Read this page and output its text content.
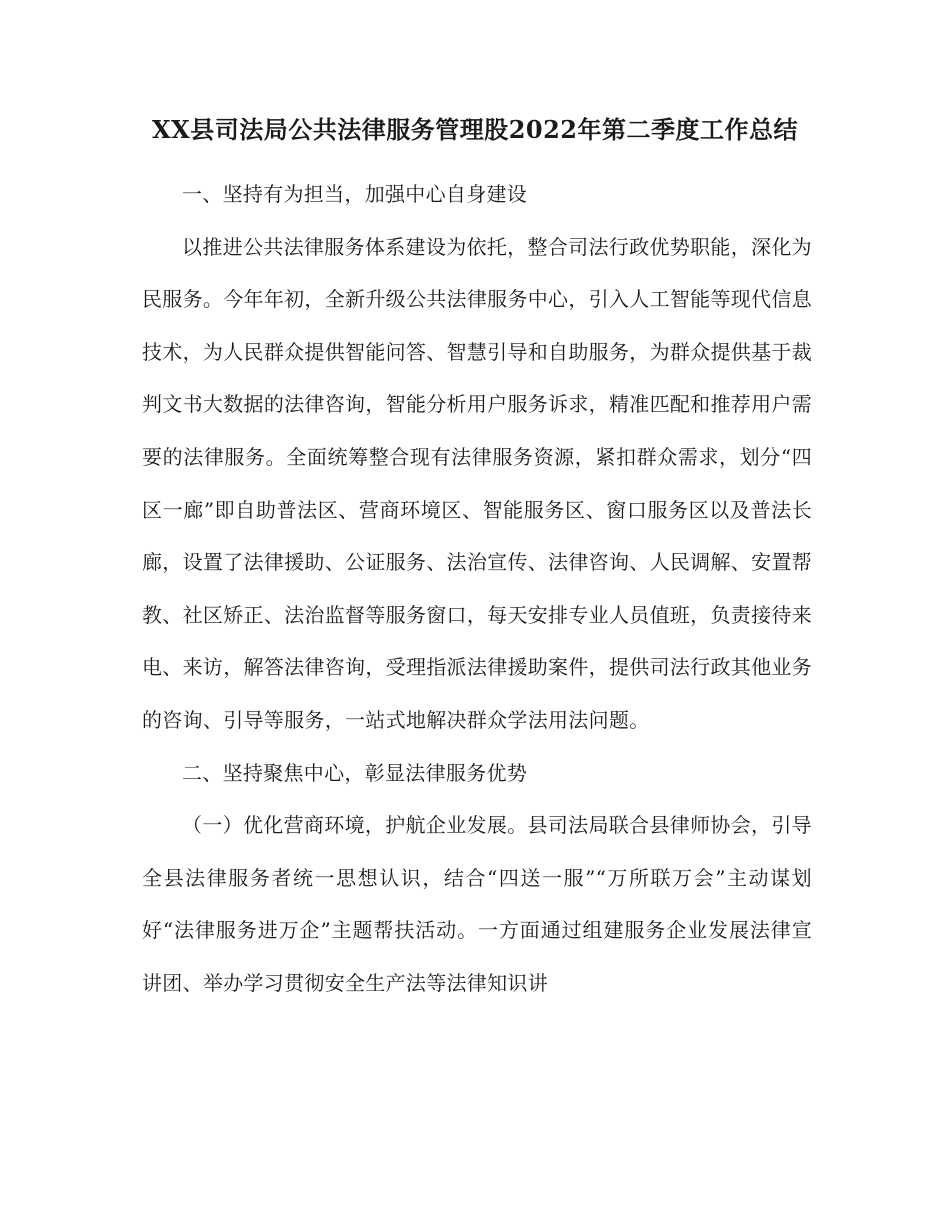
XX县司法局公共法律服务管理股2022年第二季度工作总结

一、坚持有为担当，加强中心自身建设

以推进公共法律服务体系建设为依托，整合司法行政优势职能，深化为民服务。今年年初，全新升级公共法律服务中心，引入人工智能等现代信息技术，为人民群众提供智能问答、智慧引导和自助服务，为群众提供基于裁判文书大数据的法律咨询，智能分析用户服务诉求，精准匹配和推荐用户需要的法律服务。全面统筹整合现有法律服务资源，紧扣群众需求，划分“四区一廊”即自助普法区、营商环境区、智能服务区、窗口服务区以及普法长廊，设置了法律援助、公证服务、法治宣传、法律咨询、人民调解、安置帮教、社区矫正、法治监督等服务窗口，每天安排专业人员值班，负责接待来电、来访，解答法律咨询，受理指派法律援助案件，提供司法行政其他业务的咨询、引导等服务，一站式地解决群众学法用法问题。

二、坚持聚焦中心，彰显法律服务优势

（一）优化营商环境，护航企业发展。县司法局联合县律师协会，引导全县法律服务者统一思想认识，结合“四送一服”“万所联万会”主动谋划好“法律服务进万企”主题帮扶活动。一方面通过组建服务企业发展法律宣讲团、举办学习贯彻安全生产法等法律知识讲
